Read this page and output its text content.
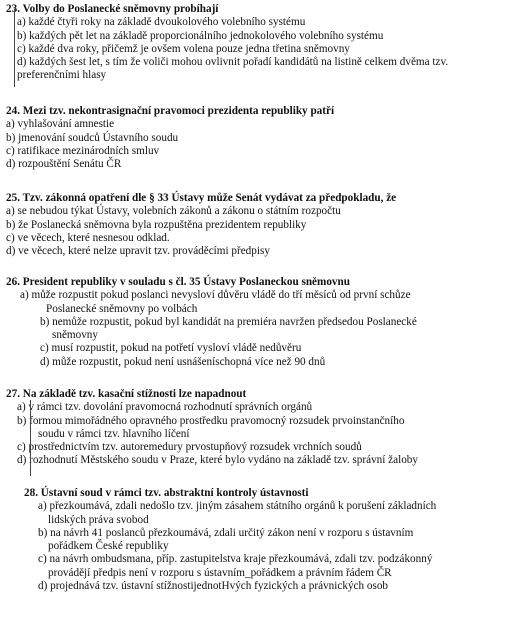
23. Volby do Poslanecké sněmovny probíhají
a) každé čtyři roky na základě dvoukolového volebního systému
b) každých pět let na základě proporcionálního jednokolového volebního systému
c) každé dva roky, přičemž je ovšem volena pouze jedna třetina sněmovny
d) každých šest let, s tím že voliči mohou ovlivnit pořadí kandidátů na listině celkem dvěma tzv.
preferenčními hlasy
24. Mezi tzv. nekontrasignační pravomoci prezidenta republiky patří
a) vyhlašování amnestie
b) jmenování soudců Ústavního soudu
c) ratifikace mezinárodních smluv
d) rozpouštění Senátu ČR
25. Tzv. zákonná opatření dle § 33 Ústavy může Senát vydávat za předpokladu, že
a) se nebudou týkat Ústavy, volebních zákonů a zákonu o státním rozpočtu
b) že Poslanecká sněmovna byla rozpuštěna prezidentem republiky
c) ve věcech, které nesnesou odklad.
d) ve věcech, které nelze upravit tzv. prováděcími předpisy
26. President republiky v souladu s čl. 35 Ústavy Poslaneckou sněmovnu
a) může rozpustit pokud poslanci nevysloví důvěru vládě do tří měsíců od první schůze
Poslanecké sněmovny po volbách
b) nemůže rozpustit, pokud byl kandidát na premiéra navržen předsedou Poslanecké
sněmovny
c) musí rozpustit, pokud na potřetí vysloví vládě nedůvěru
d) může rozpustit, pokud není usnášeníschopná více než 90 dnů
27. Na základě tzv. kasační stížnosti lze napadnout
a) v rámci tzv. dovolání pravomocná rozhodnutí správních orgánů
b) formou mimořádného opravného prostředku pravomocný rozsudek prvoinstančního
soudu v rámci tzv. hlavního líčení
c) prostřednictvím tzv. autoremedury prvostupňový rozsudek vrchních soudů
d) rozhodnutí Městského soudu v Praze, které bylo vydáno na základě tzv. správní žaloby
28. Ústavní soud v rámci tzv. abstraktní kontroly ústavnosti
a) přezkoumává, zdali nedošlo tzv. jiným zásahem státního orgánů k porušení základních
lidských práva svobod
b) na návrh 41 poslanců přezkoumává, zdali určitý zákon není v rozporu s ústavním
pořádkem České republiky
c) na návrh ombudsmana, příp. zastupitelstva kraje přezkoumává, zdali tzv. podzákonný
provádějí předpis není v rozporu s ústavním_pořádkem a právním řádem ČR
d) projednává tzv. ústavní stížnostijednotHvých fyzických a právnických osob
